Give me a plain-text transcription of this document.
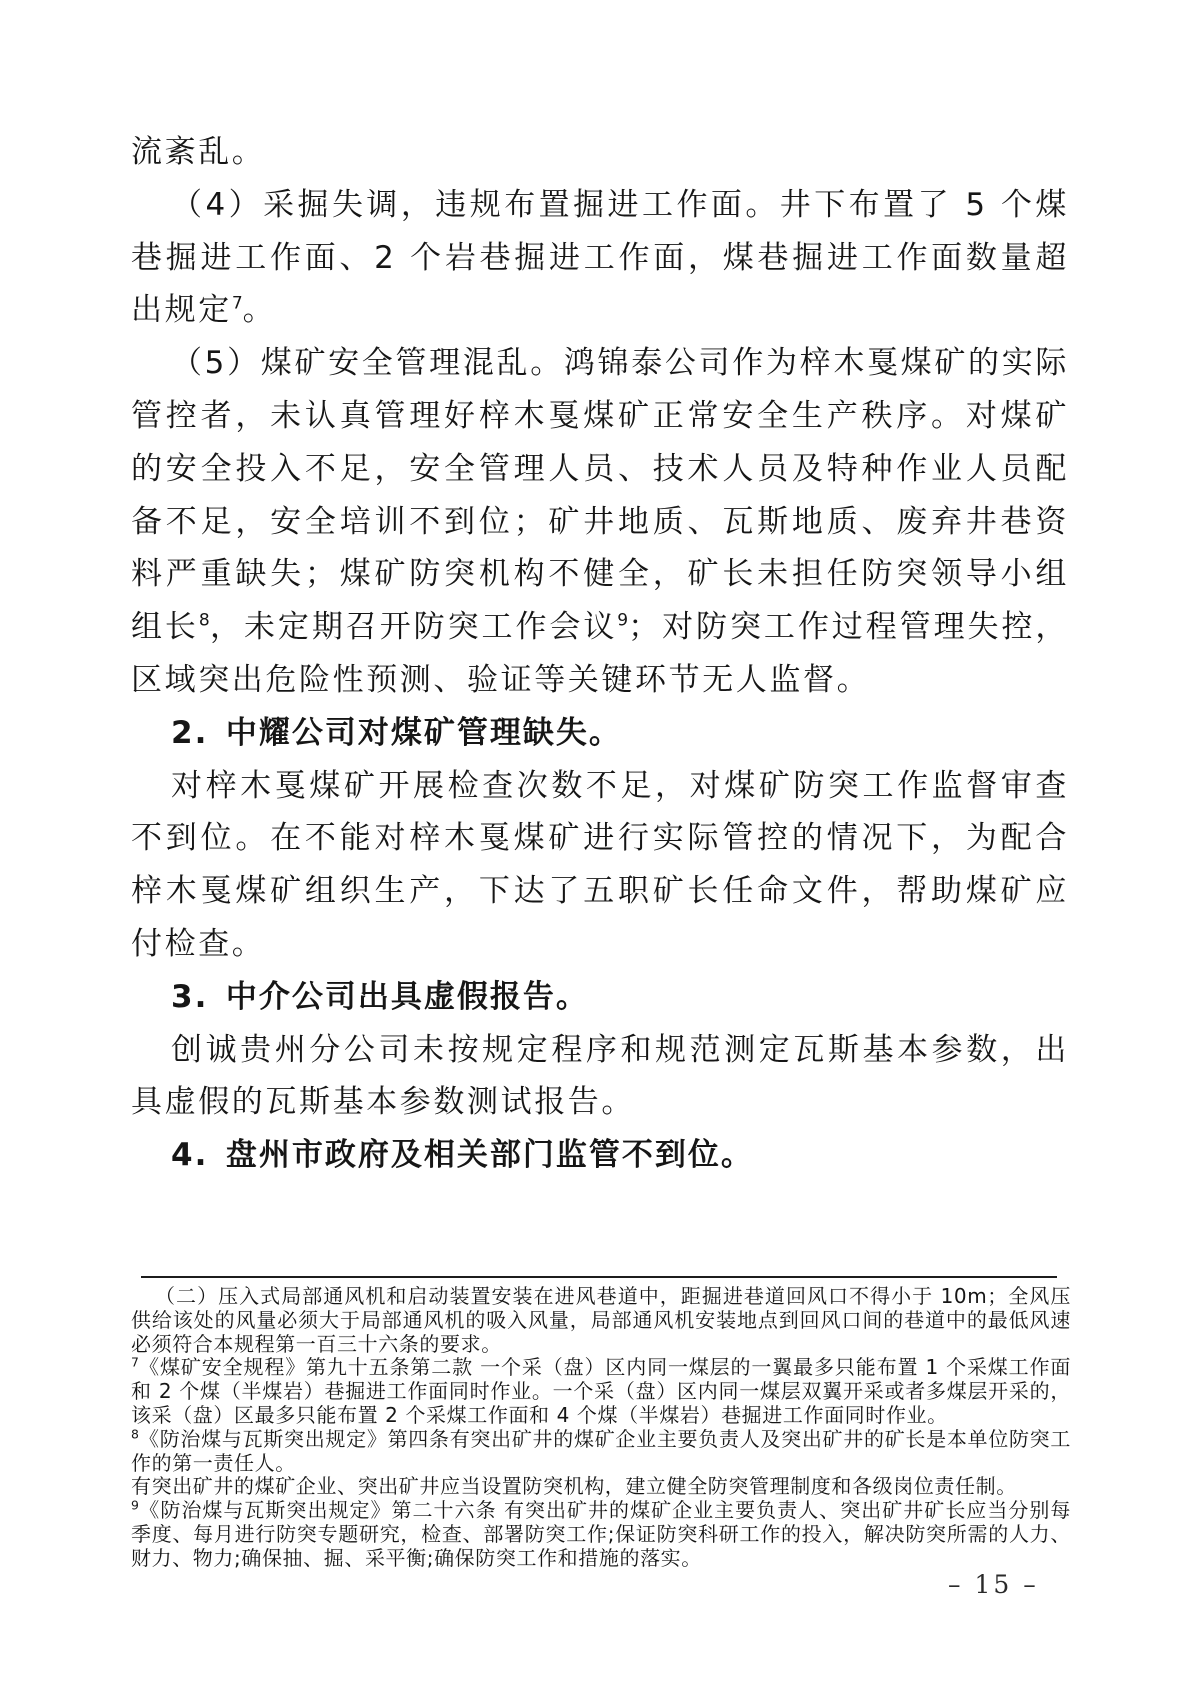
流紊乱。

（4）采掘失调，违规布置掘进工作面。井下布置了 5 个煤巷掘进工作面、2 个岩巷掘进工作面，煤巷掘进工作面数量超出规定$^7$。

（5）煤矿安全管理混乱。鸿锦泰公司作为梓木戛煤矿的实际管控者，未认真管理好梓木戛煤矿正常安全生产秩序。对煤矿的安全投入不足，安全管理人员、技术人员及特种作业人员配备不足，安全培训不到位；矿井地质、瓦斯地质、废弃井巷资料严重缺失；煤矿防突机构不健全，矿长未担任防突领导小组组长$^8$，未定期召开防突工作会议$^9$；对防突工作过程管理失控，区域突出危险性预测、验证等关键环节无人监督。

2. 中耀公司对煤矿管理缺失。

对梓木戛煤矿开展检查次数不足，对煤矿防突工作监督审查不到位。在不能对梓木戛煤矿进行实际管控的情况下，为配合梓木戛煤矿组织生产，下达了五职矿长任命文件，帮助煤矿应付检查。

3. 中介公司出具虚假报告。

创诚贵州分公司未按规定程序和规范测定瓦斯基本参数，出具虚假的瓦斯基本参数测试报告。

4. 盘州市政府及相关部门监管不到位。

（二）压入式局部通风机和启动装置安装在进风巷道中，距掘进巷道回风口不得小于 10m；全风压供给该处的风量必须大于局部通风机的吸入风量，局部通风机安装地点到回风口间的巷道中的最低风速必须符合本规程第一百三十六条的要求。

$^7$《煤矿安全规程》第九十五条第二款 一个采（盘）区内同一煤层的一翼最多只能布置 1 个采煤工作面和 2 个煤（半煤岩）巷掘进工作面同时作业。一个采（盘）区内同一煤层双翼开采或者多煤层开采的，该采（盘）区最多只能布置 2 个采煤工作面和 4 个煤（半煤岩）巷掘进工作面同时作业。

$^8$《防治煤与瓦斯突出规定》第四条有突出矿井的煤矿企业主要负责人及突出矿井的矿长是本单位防突工作的第一责任人。

有突出矿井的煤矿企业、突出矿井应当设置防突机构，建立健全防突管理制度和各级岗位责任制。

$^9$《防治煤与瓦斯突出规定》第二十六条 有突出矿井的煤矿企业主要负责人、突出矿井矿长应当分别每季度、每月进行防突专题研究，检查、部署防突工作;保证防突科研工作的投入，解决防突所需的人力、财力、物力;确保抽、掘、采平衡;确保防突工作和措施的落实。

– 15 –
